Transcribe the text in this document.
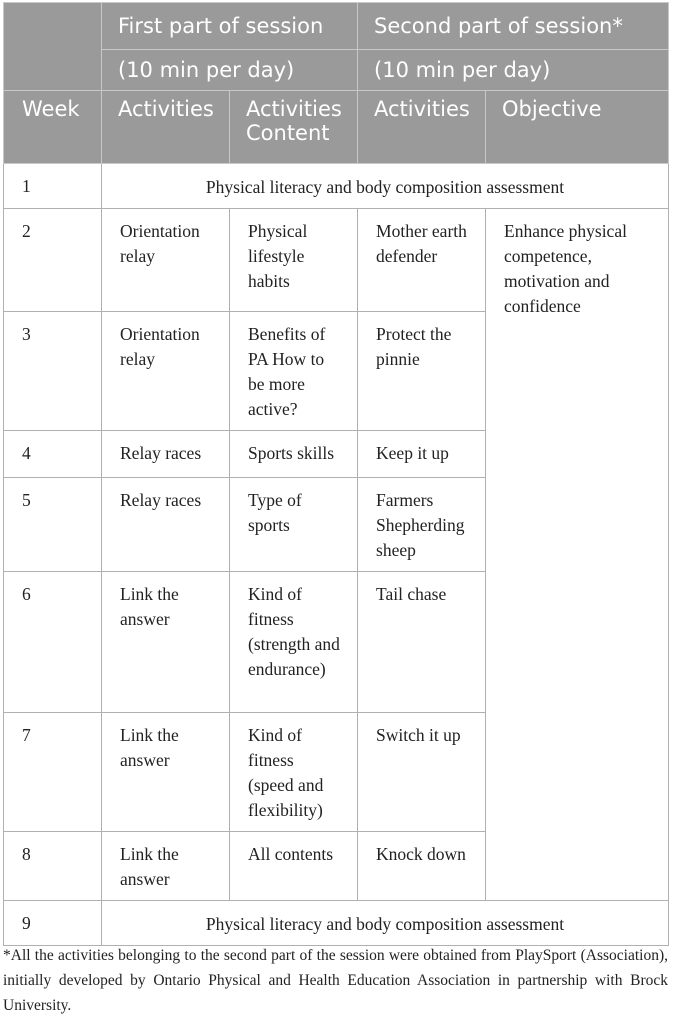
	First part of session		Second part of session*	
	(10 min per day)		(10 min per day)	
Week	Activities	Activities Content	Activities	Objective
1	Physical literacy and body composition assessment			
2	Orientation relay	Physical lifestyle habits	Mother earth defender	Enhance physical competence, motivation and confidence
3	Orientation relay	Benefits of PA How to be more active?	Protect the pinnie	
4	Relay races	Sports skills	Keep it up	
5	Relay races	Type of sports	Farmers Shepherding sheep	
6	Link the answer	Kind of fitness (strength and endurance)	Tail chase	
7	Link the answer	Kind of fitness (speed and flexibility)	Switch it up	
8	Link the answer	All contents	Knock down	
9	Physical literacy and body composition assessment			
*All the activities belonging to the second part of the session were obtained from PlaySport (Association), initially developed by Ontario Physical and Health Education Association in partnership with Brock University.
